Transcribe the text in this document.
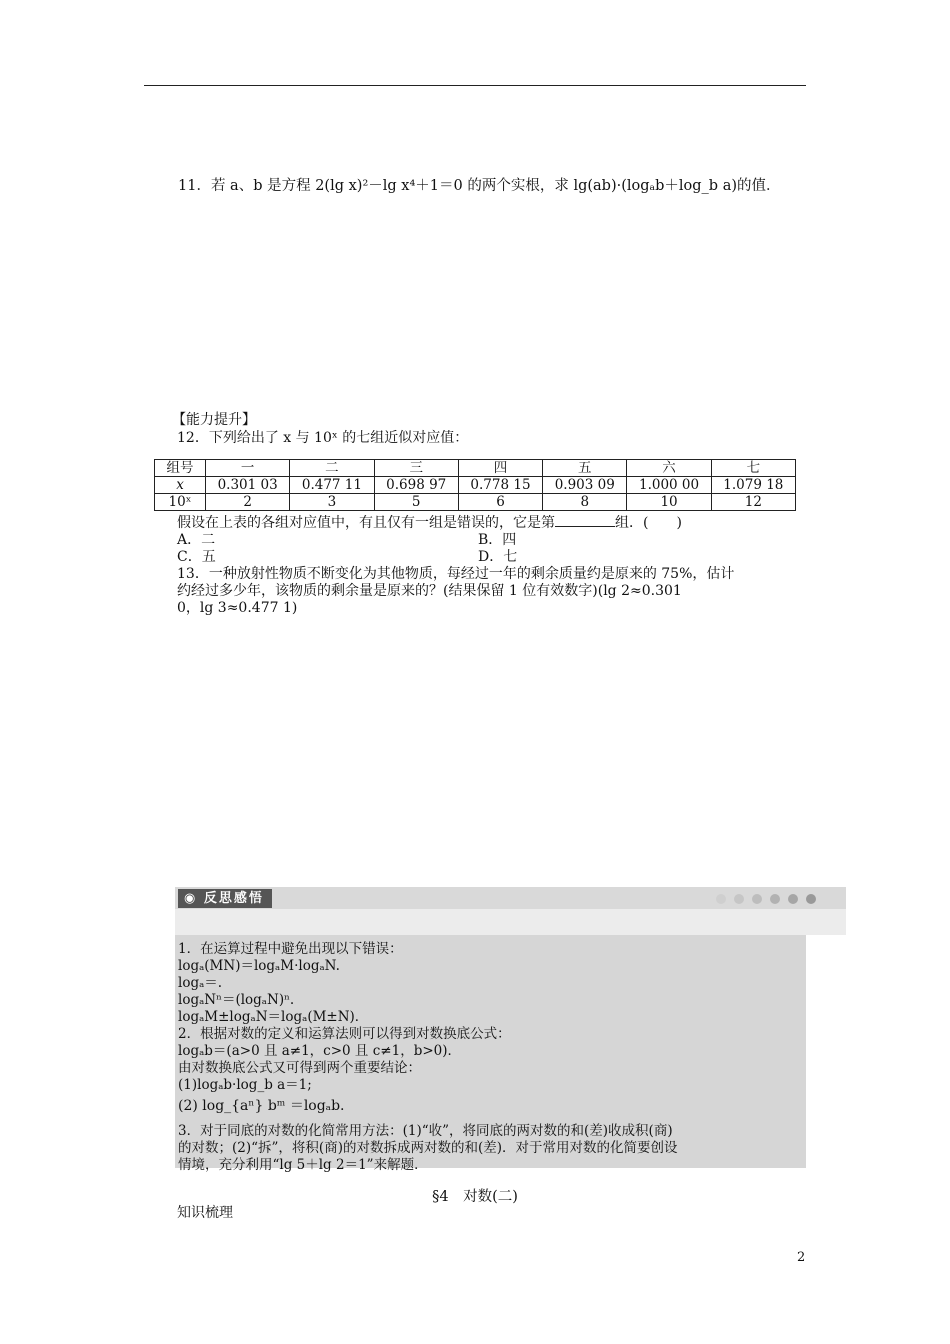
11．若 a、b 是方程 2(lg x)²－lg x⁴＋1＝0 的两个实根，求 lg(ab)·(logₐb＋log_b a)的值．
【能力提升】
12．下列给出了 x 与 10ˣ 的七组近似对应值：
组号	一	二	三	四	五	六	七
x	0.301 03	0.477 11	0.698 97	0.778 15	0.903 09	1.000 00	1.079 18
10ˣ	2	3	5	6	8	10	12
假设在上表的各组对应值中，有且仅有一组是错误的，它是第	组．(　　)
A．二	B．四
C．五	D．七
13．一种放射性物质不断变化为其他物质，每经过一年的剩余质量约是原来的 75%，估计
约经过多少年，该物质的剩余量是原来的？(结果保留 1 位有效数字)(lg 2≈0.301
0，lg 3≈0.477 1)
◉ 反思感悟
1．在运算过程中避免出现以下错误：
logₐ(MN)＝logₐM·logₐN.
logₐ＝.
logₐNⁿ＝(logₐN)ⁿ.
logₐM±logₐN＝logₐ(M±N)．
2．根据对数的定义和运算法则可以得到对数换底公式：
logₐb＝(a>0 且 a≠1，c>0 且 c≠1，b>0)．
由对数换底公式又可得到两个重要结论：
(1)logₐb·log_b a＝1;
(2) log_{aⁿ} bᵐ ＝logₐb.
3．对于同底的对数的化简常用方法：(1)“收”，将同底的两对数的和(差)收成积(商)
的对数；(2)“拆”，将积(商)的对数拆成两对数的和(差)．对于常用对数的化简要创设
情境，充分利用“lg 5＋lg 2＝1”来解题．
§4　对数(二)
知识梳理
2
